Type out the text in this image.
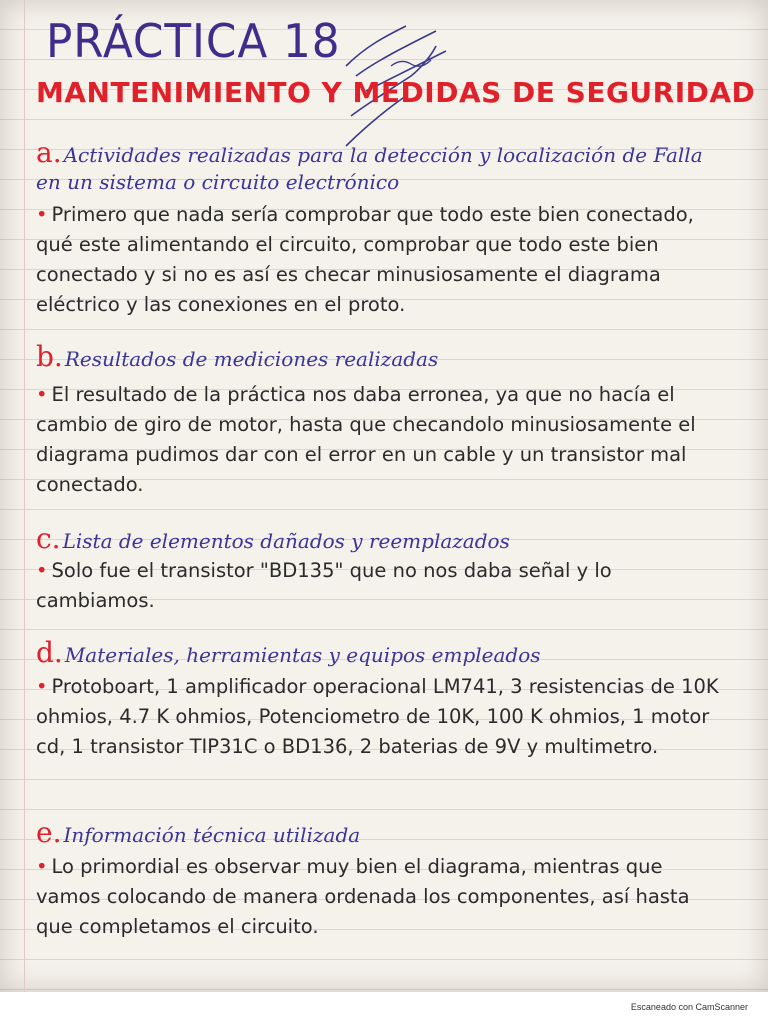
PRÁCTICA 18
MANTENIMIENTO Y MEDIDAS DE SEGURIDAD
a. Actividades realizadas para la detección y localización de Falla
en un sistema o circuito electrónico
• Primero que nada sería comprobar que todo este bien conectado, qué este alimentando el circuito, comprobar que todo este bien conectado y si no es así es checar minusiosamente el diagrama eléctrico y las conexiones en el proto.
b. Resultados de mediciones realizadas
• El resultado de la práctica nos daba erronea, ya que no hacía el cambio de giro de motor, hasta que checandolo minusiosamente el diagrama pudimos dar con el error en un cable y un transistor mal conectado.
c. Lista de elementos dañados y reemplazados
• Solo fue el transistor "BD135" que no nos daba señal y lo cambiamos.
d. Materiales, herramientas y equipos empleados
• Protoboart, 1 amplificador operacional LM741, 3 resistencias de 10K ohmios, 4.7 K ohmios, Potenciometro de 10K, 100 K ohmios, 1 motor cd, 1 transistor TIP31C o BD136, 2 baterias de 9V y multimetro.
e. Información técnica utilizada
• Lo primordial es observar muy bien el diagrama, mientras que vamos colocando de manera ordenada los componentes, así hasta que completamos el circuito.
Escaneado con CamScanner
